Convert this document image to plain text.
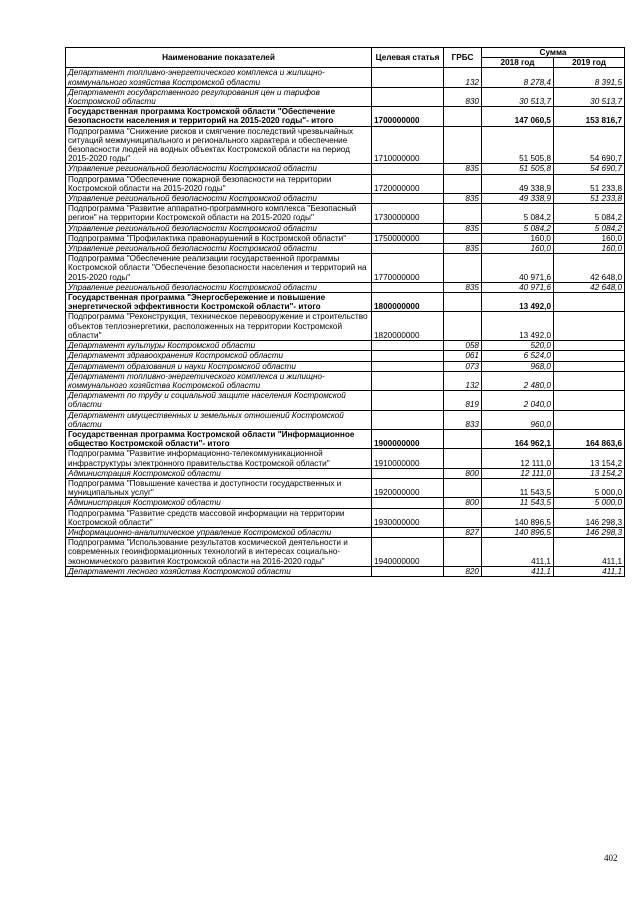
Наименование показателей	Целевая статья	ГРБС	Сумма	
			2018 год	2019 год
Департамент топливно-энергетического комплекса и жилищно-коммунального хозяйства Костромской области		132	8 278,4	8 391,5
Департамент государственного регулирования цен и тарифов Костромской области		830	30 513,7	30 513,7
Государственная программа Костромской области "Обеспечение безопасности населения и территорий на 2015-2020 годы"- итого	1700000000		147 060,5	153 816,7
Подпрограмма "Снижение рисков и смягчение последствий чрезвычайных ситуаций межмуниципального и регионального характера и обеспечение безопасности людей на водных объектах Костромской области на период 2015-2020 годы"	1710000000		51 505,8	54 690,7
Управление региональной безопасности Костромской области		835	51 505,8	54 690,7
Подпрограмма "Обеспечение пожарной безопасности на территории Костромской области на 2015-2020 годы"	1720000000		49 338,9	51 233,8
Управление региональной безопасности Костромской области		835	49 338,9	51 233,8
Подпрограмма "Развитие аппаратно-программного комплекса "Безопасный регион" на территории Костромской области на 2015-2020 годы"	1730000000		5 084,2	5 084,2
Управление региональной безопасности Костромской области		835	5 084,2	5 084,2
Подпрограмма "Профилактика правонарушений в Костромской области"	1750000000		160,0	160,0
Управление региональной безопасности Костромской области		835	160,0	160,0
Подпрограмма "Обеспечение реализации государственной программы Костромской области "Обеспечение безопасности населения и территорий на 2015-2020 годы"	1770000000		40 971,6	42 648,0
Управление региональной безопасности Костромской области		835	40 971,6	42 648,0
Государственная программа "Энергосбережение и повышение энергетической эффективности Костромской области"- итого	1800000000		13 492,0	
Подпрограмма "Реконструкция, техническое перевооружение и строительство объектов теплоэнергетики, расположенных на территории Костромской области"	1820000000		13 492,0	
Департамент культуры Костромской области		058	520,0	
Департамент здравоохранения Костромской области		061	6 524,0	
Департамент образования и науки Костромской области		073	968,0	
Департамент топливно-энергетического комплекса и жилищно-коммунального хозяйства Костромской области		132	2 480,0	
Департамент по труду и социальной защите населения Костромской области		819	2 040,0	
Департамент имущественных и земельных отношений Костромской области		833	960,0	
Государственная программа Костромской области "Информационное общество Костромской области"- итого	1900000000		164 962,1	164 863,6
Подпрограмма "Развитие информационно-телекоммуникационной инфраструктуры электронного правительства Костромской области"	1910000000		12 111,0	13 154,2
Администрация Костромской области		800	12 111,0	13 154,2
Подпрограмма "Повышение качества и доступности государственных и муниципальных услуг"	1920000000		11 543,5	5 000,0
Администрация Костромской области		800	11 543,5	5 000,0
Подпрограмма "Развитие средств массовой информации на территории Костромской области"	1930000000		140 896,5	146 298,3
Информационно-аналитическое управление Костромской области		827	140 896,5	146 298,3
Подпрограмма "Использование результатов космической деятельности и современных геоинформационных технологий в интересах социально-экономического развития Костромской области на 2016-2020 годы"	1940000000		411,1	411,1
Департамент лесного хозяйства Костромской области		820	411,1	411,1
402
